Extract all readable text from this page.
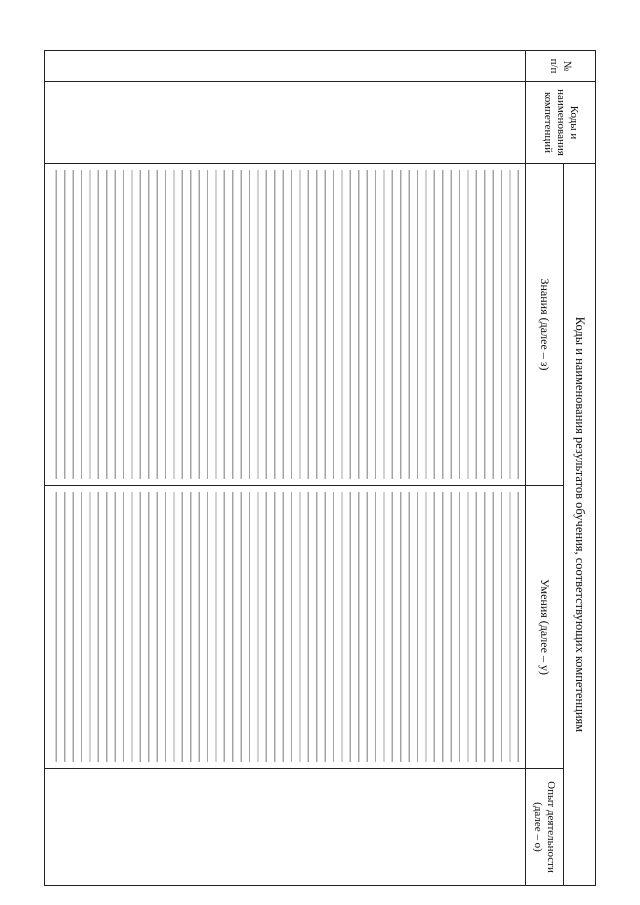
№ п/п
Коды и наименования компетенций
Коды и наименования результатов обучения, соответствующих компетенциям
Знания (далее – з)
Умения (далее – у)
Опыт деятельности (далее – о)
